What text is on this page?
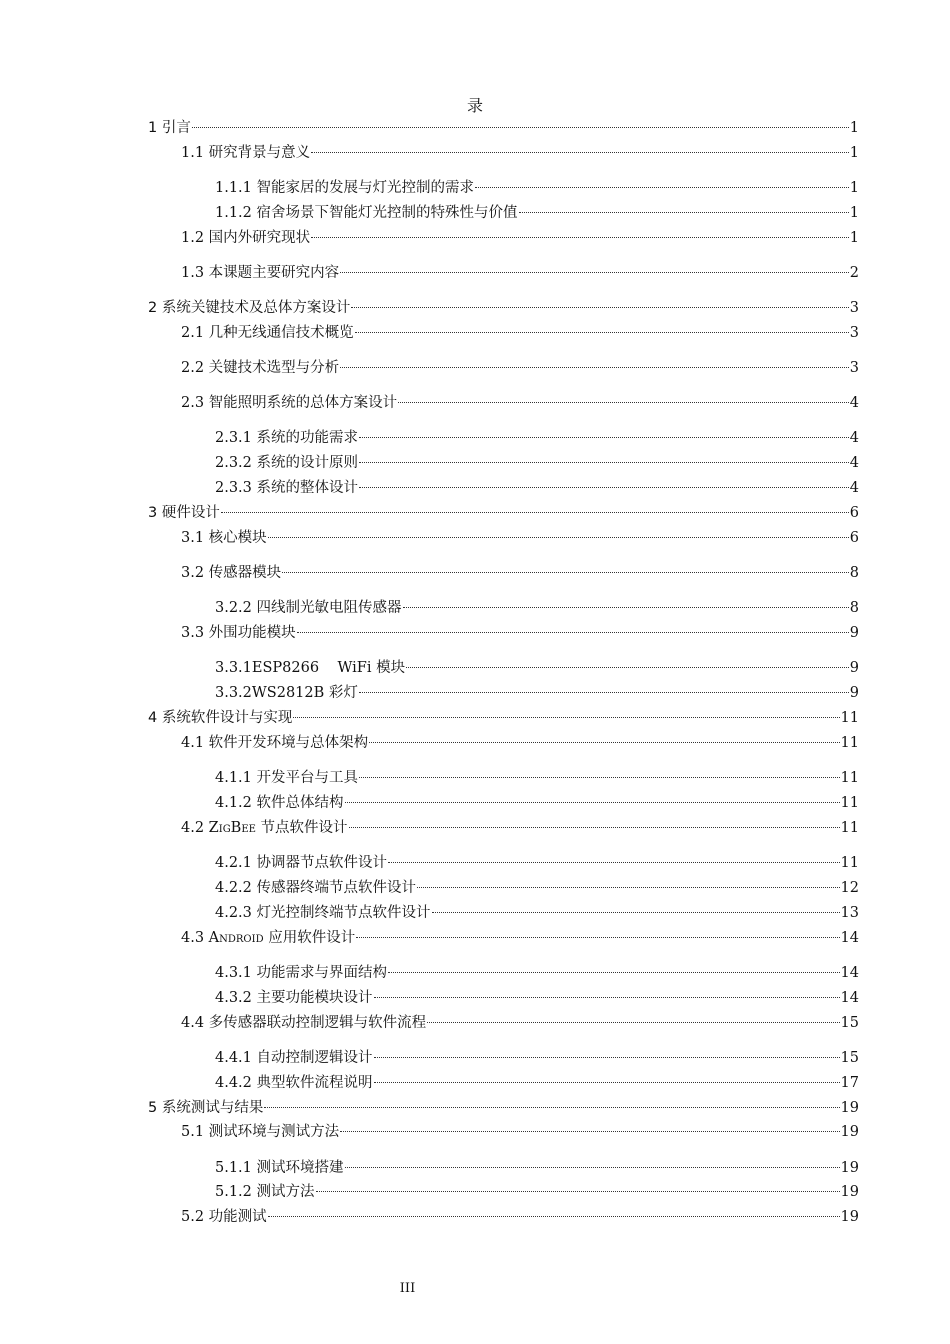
录
1 引言	1
1.1 研究背景与意义	1
1.1.1 智能家居的发展与灯光控制的需求	1
1.1.2 宿舍场景下智能灯光控制的特殊性与价值	1
1.2 国内外研究现状	1
1.3 本课题主要研究内容	2
2 系统关键技术及总体方案设计	3
2.1 几种无线通信技术概览	3
2.2 关键技术选型与分析	3
2.3 智能照明系统的总体方案设计	4
2.3.1 系统的功能需求	4
2.3.2 系统的设计原则	4
2.3.3 系统的整体设计	4
3 硬件设计	6
3.1 核心模块	6
3.2 传感器模块	8
3.2.2 四线制光敏电阻传感器	8
3.3 外围功能模块	9
3.3.1ESP8266    WiFi 模块	9
3.3.2WS2812B 彩灯	9
4 系统软件设计与实现	11
4.1 软件开发环境与总体架构	11
4.1.1 开发平台与工具	11
4.1.2 软件总体结构	11
4.2 ZigBee 节点软件设计	11
4.2.1 协调器节点软件设计	11
4.2.2 传感器终端节点软件设计	12
4.2.3 灯光控制终端节点软件设计	13
4.3 Android 应用软件设计	14
4.3.1 功能需求与界面结构	14
4.3.2 主要功能模块设计	14
4.4 多传感器联动控制逻辑与软件流程	15
4.4.1 自动控制逻辑设计	15
4.4.2 典型软件流程说明	17
5 系统测试与结果	19
5.1 测试环境与测试方法	19
5.1.1 测试环境搭建	19
5.1.2 测试方法	19
5.2 功能测试	19
III
